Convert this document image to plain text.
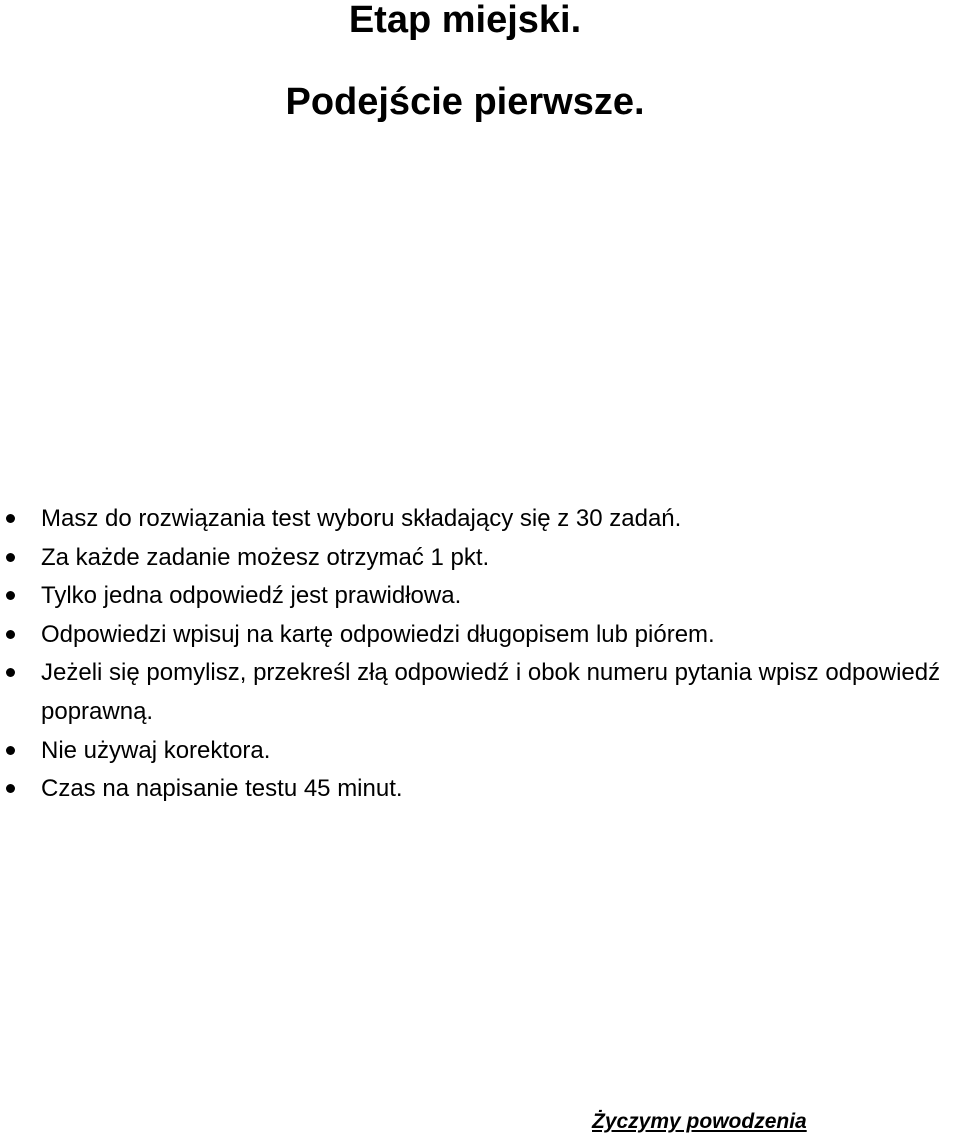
Etap miejski.
Podejście pierwsze.
Masz do rozwiązania test wyboru składający się z 30 zadań.
Za każde zadanie możesz otrzymać 1 pkt.
Tylko jedna odpowiedź jest prawidłowa.
Odpowiedzi wpisuj na kartę odpowiedzi długopisem lub piórem.
Jeżeli się pomylisz, przekreśl złą odpowiedź i obok numeru pytania wpisz odpowiedź poprawną.
Nie używaj korektora.
Czas na napisanie testu 45 minut.
Życzymy powodzenia
